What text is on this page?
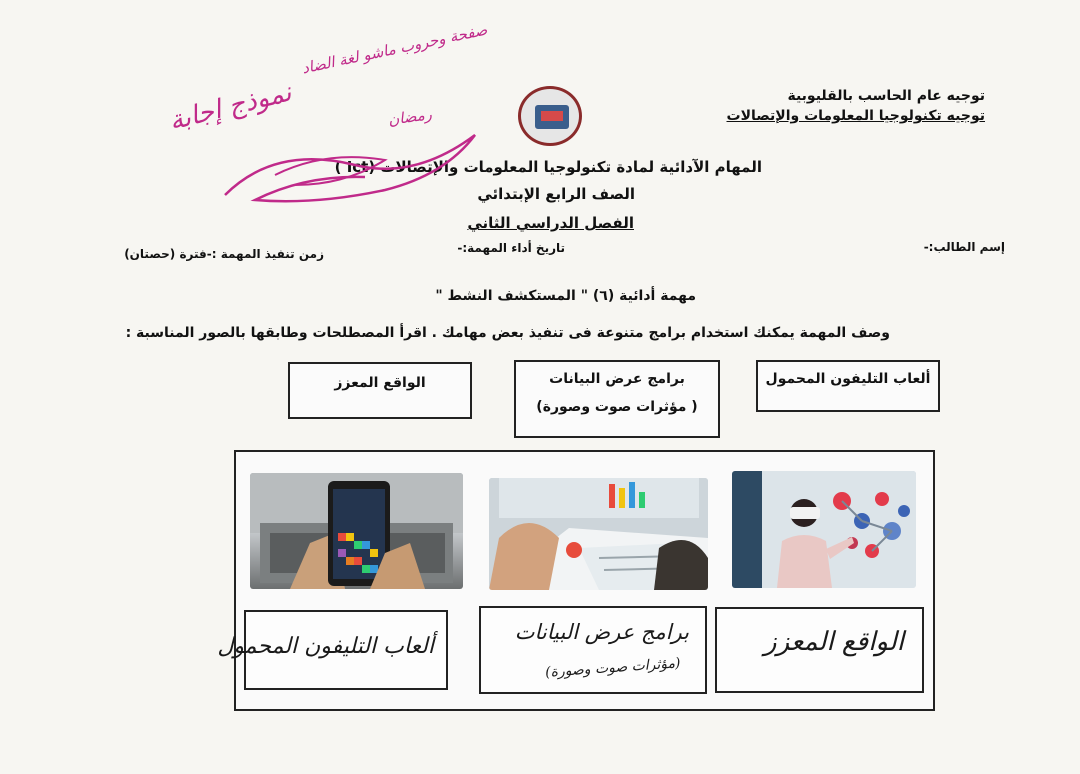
توجيه عام الحاسب بالقليوبية
توجيه تكنولوجيا المعلومات والإتصالات
المهام الآدائية لمادة تكنولوجيا المعلومات والإتصالات (Ict )
الصف الرابع الإبتدائي
الفصل الدراسي الثاني
إسم الطالب:-
تاريخ أداء المهمة:-
زمن تنفيذ المهمة :-فترة (حصتان)
مهمة أدائية (٦) " المستكشف النشط "
وصف المهمة يمكنك استخدام برامج متنوعة فى تنفيذ بعض مهامك . اقرأ المصطلحات وطابقها بالصور المناسبة :
الواقع المعزز	برامج عرض البيانات
( مؤثرات صوت وصورة)
ألعاب التليفون المحمول
ألعاب التليفون المحمول
برامج عرض البيانات
(مؤثرات صوت وصورة)
الواقع المعزز
صفحة وحروب ماشو لغة الضاد
نموذج إجابة	رمضان
